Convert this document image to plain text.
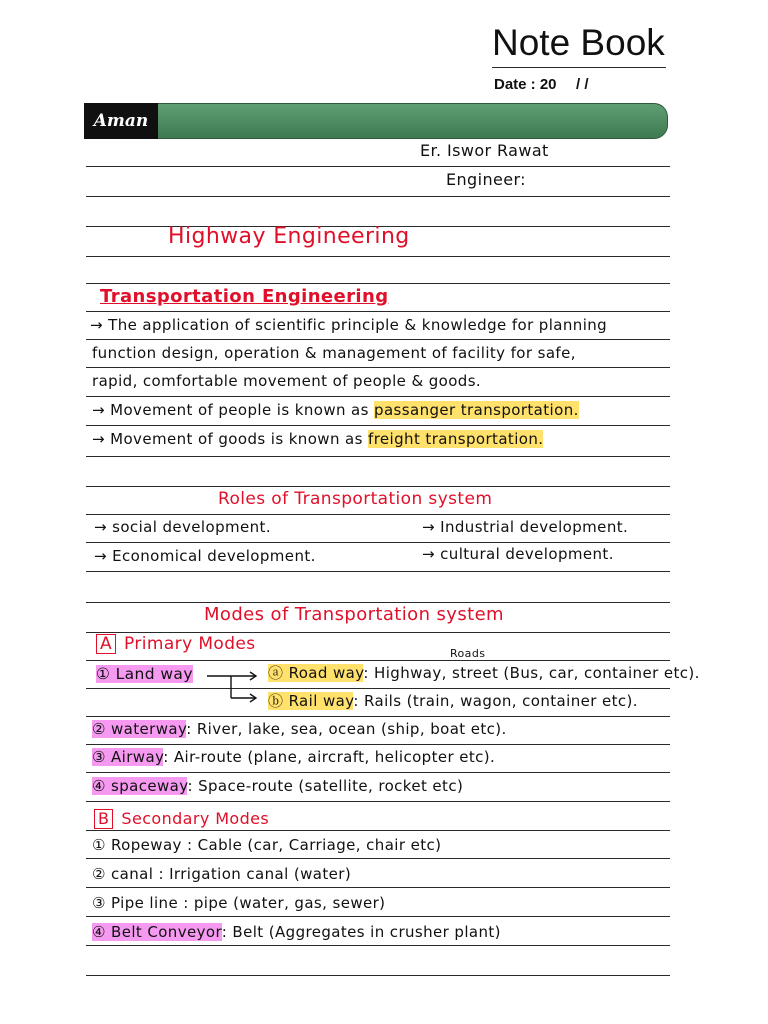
Note Book
Date : 20 / /
Aman
Er. Iswor Rawat
Engineer:
Highway Engineering
Transportation Engineering
→ The application of scientific principle & knowledge for planning
function design, operation & management of facility for safe,
rapid, comfortable movement of people & goods.
→ Movement of people is known as passanger transportation.
→ Movement of goods is known as freight transportation.
Roles of Transportation system
→ social development.	→ Industrial development.
→ Economical development.	→ cultural development.
Modes of Transportation system
A Primary Modes
① Land way
Roads
ⓐ Road way: Highway, street (Bus, car, container etc).
ⓑ Rail way: Rails (train, wagon, container etc).
② waterway: River, lake, sea, ocean (ship, boat etc).
③ Airway: Air-route (plane, aircraft, helicopter etc).
④ spaceway: Space-route (satellite, rocket etc)
B Secondary Modes
① Ropeway : Cable (car, Carriage, chair etc)
② canal : Irrigation canal (water)
③ Pipe line : pipe (water, gas, sewer)
④ Belt Conveyor: Belt (Aggregates in crusher plant)
